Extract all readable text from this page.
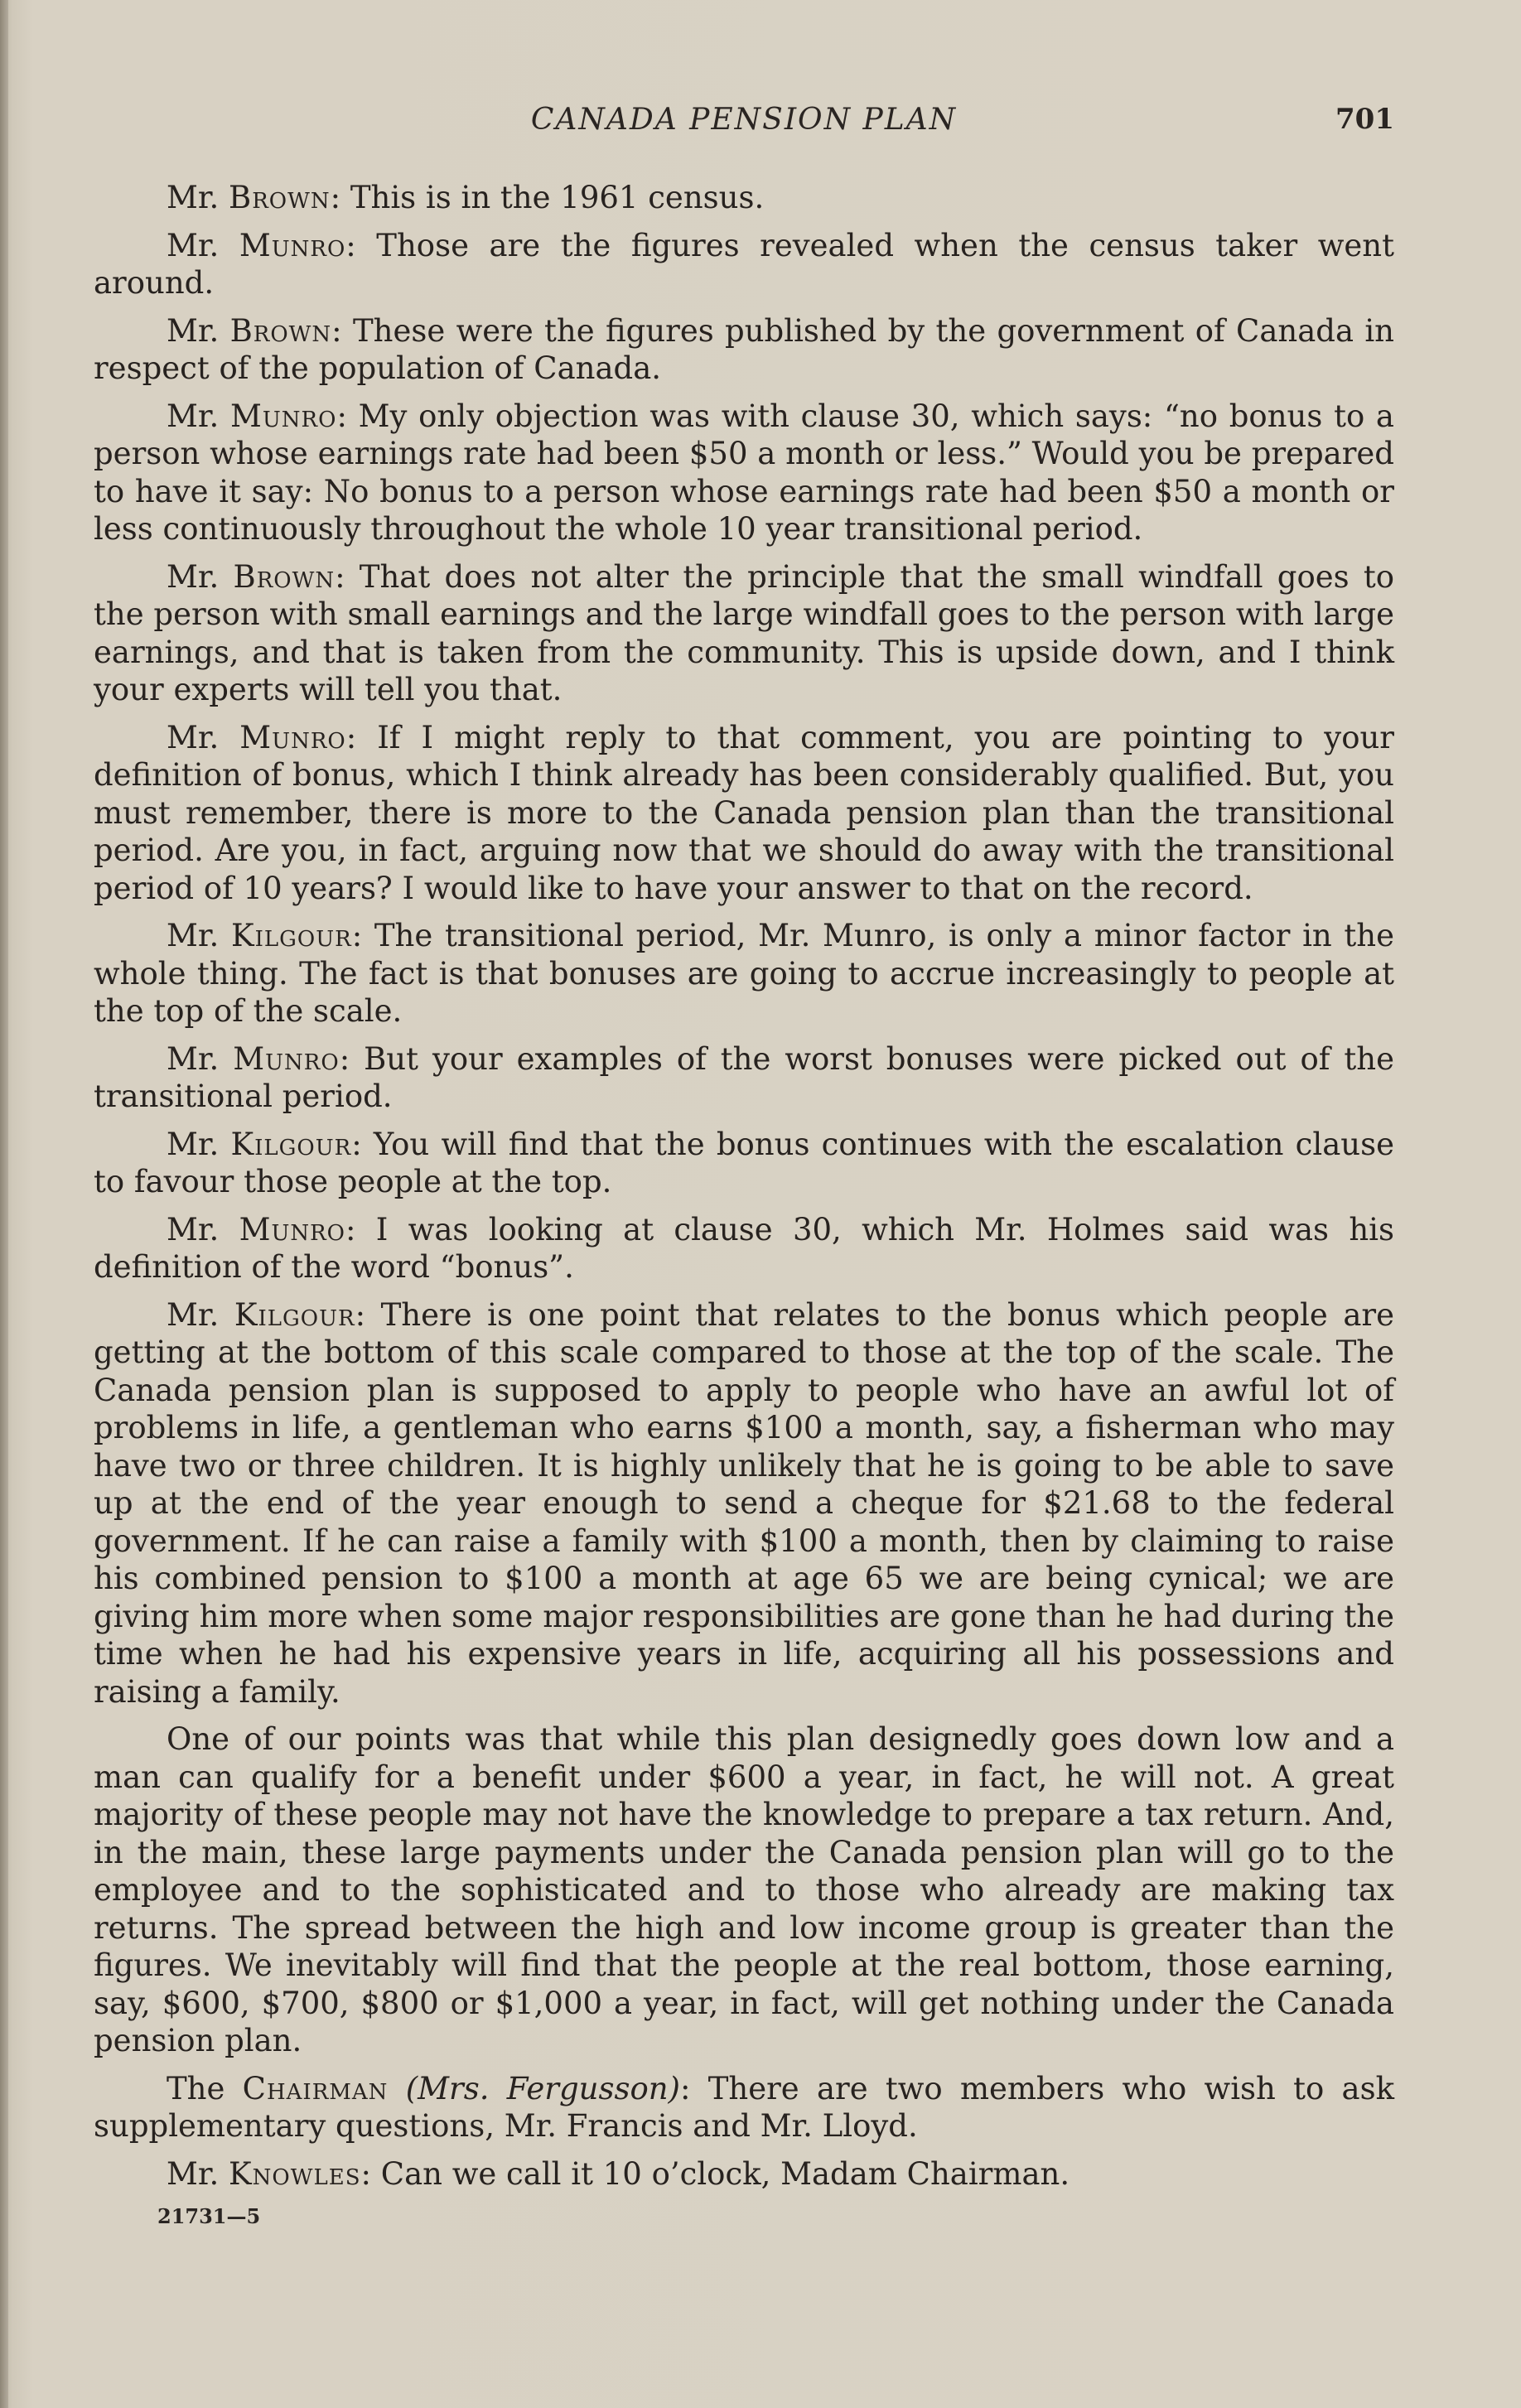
CANADA PENSION PLAN	701

Mr. Brown: This is in the 1961 census.

Mr. Munro: Those are the figures revealed when the census taker went around.

Mr. Brown: These were the figures published by the government of Canada in respect of the population of Canada.

Mr. Munro: My only objection was with clause 30, which says: “no bonus to a person whose earnings rate had been $50 a month or less.” Would you be prepared to have it say: No bonus to a person whose earnings rate had been $50 a month or less continuously throughout the whole 10 year transitional period.

Mr. Brown: That does not alter the principle that the small windfall goes to the person with small earnings and the large windfall goes to the person with large earnings, and that is taken from the community. This is upside down, and I think your experts will tell you that.

Mr. Munro: If I might reply to that comment, you are pointing to your definition of bonus, which I think already has been considerably qualified. But, you must remember, there is more to the Canada pension plan than the transitional period. Are you, in fact, arguing now that we should do away with the transitional period of 10 years? I would like to have your answer to that on the record.

Mr. Kilgour: The transitional period, Mr. Munro, is only a minor factor in the whole thing. The fact is that bonuses are going to accrue increasingly to people at the top of the scale.

Mr. Munro: But your examples of the worst bonuses were picked out of the transitional period.

Mr. Kilgour: You will find that the bonus continues with the escalation clause to favour those people at the top.

Mr. Munro: I was looking at clause 30, which Mr. Holmes said was his definition of the word “bonus”.

Mr. Kilgour: There is one point that relates to the bonus which people are getting at the bottom of this scale compared to those at the top of the scale. The Canada pension plan is supposed to apply to people who have an awful lot of problems in life, a gentleman who earns $100 a month, say, a fisherman who may have two or three children. It is highly unlikely that he is going to be able to save up at the end of the year enough to send a cheque for $21.68 to the federal government. If he can raise a family with $100 a month, then by claiming to raise his combined pension to $100 a month at age 65 we are being cynical; we are giving him more when some major responsibilities are gone than he had during the time when he had his expensive years in life, acquiring all his possessions and raising a family.

One of our points was that while this plan designedly goes down low and a man can qualify for a benefit under $600 a year, in fact, he will not. A great majority of these people may not have the knowledge to prepare a tax return. And, in the main, these large payments under the Canada pension plan will go to the employee and to the sophisticated and to those who already are making tax returns. The spread between the high and low income group is greater than the figures. We inevitably will find that the people at the real bottom, those earning, say, $600, $700, $800 or $1,000 a year, in fact, will get nothing under the Canada pension plan.

The Chairman (Mrs. Fergusson): There are two members who wish to ask supplementary questions, Mr. Francis and Mr. Lloyd.

Mr. Knowles: Can we call it 10 o’clock, Madam Chairman.

21731—5
